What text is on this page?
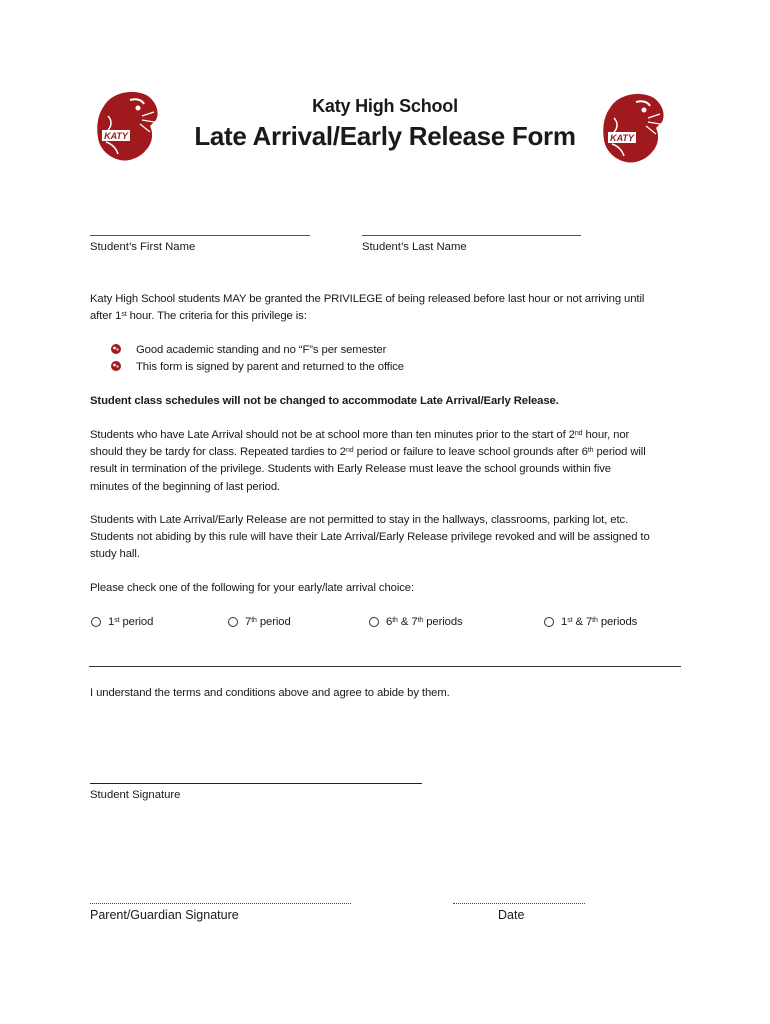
KATY	KATY
Katy High School
Late Arrival/Early Release Form
Student’s First Name	Student’s Last Name
Katy High School students MAY be granted the PRIVILEGE of being released before last hour or not arriving until
after 1st hour. The criteria for this privilege is:
Good academic standing and no “F”s per semester
This form is signed by parent and returned to the office
Student class schedules will not be changed to accommodate Late Arrival/Early Release.
Students who have Late Arrival should not be at school more than ten minutes prior to the start of 2nd hour, nor
should they be tardy for class. Repeated tardies to 2nd period or failure to leave school grounds after 6th period will
result in termination of the privilege. Students with Early Release must leave the school grounds within five
minutes of the beginning of last period.
Students with Late Arrival/Early Release are not permitted to stay in the hallways, classrooms, parking lot, etc.
Students not abiding by this rule will have their Late Arrival/Early Release privilege revoked and will be assigned to
study hall.
Please check one of the following for your early/late arrival choice:
1st period	7th period	6th & 7th periods	1st & 7th periods
I understand the terms and conditions above and agree to abide by them.
Student Signature
Parent/Guardian Signature	Date
